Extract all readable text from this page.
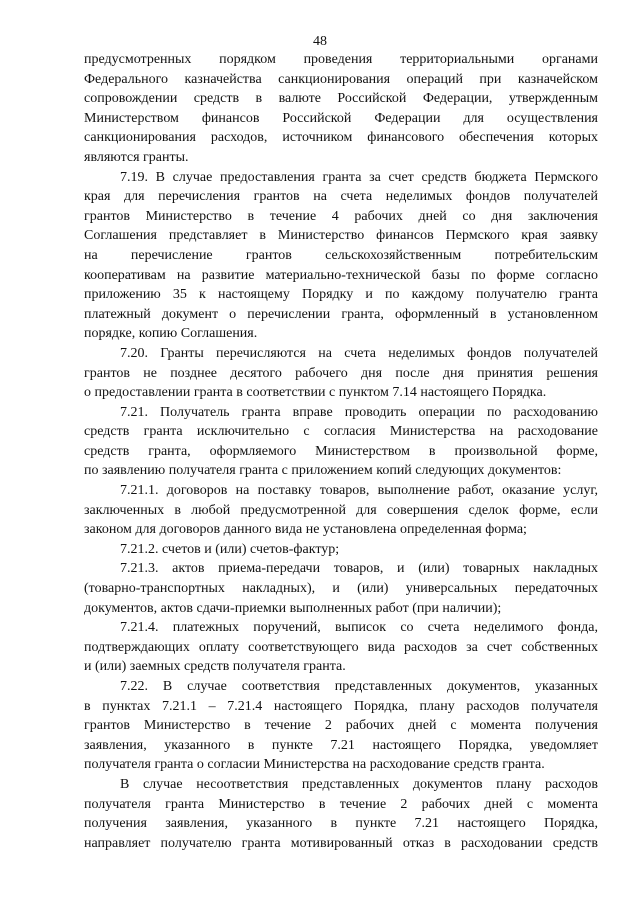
48
предусмотренных порядком проведения территориальными органами
Федерального казначейства санкционирования операций при казначейском
сопровождении средств в валюте Российской Федерации, утвержденным
Министерством финансов Российской Федерации для осуществления
санкционирования расходов, источником финансового обеспечения которых
являются гранты.
7.19. В случае предоставления гранта за счет средств бюджета Пермского
края для перечисления грантов на счета неделимых фондов получателей
грантов Министерство в течение 4 рабочих дней со дня заключения
Соглашения представляет в Министерство финансов Пермского края заявку
на перечисление грантов сельскохозяйственным потребительским
кооперативам на развитие материально-технической базы по форме согласно
приложению 35 к настоящему Порядку и по каждому получателю гранта
платежный документ о перечислении гранта, оформленный в установленном
порядке, копию Соглашения.
7.20. Гранты перечисляются на счета неделимых фондов получателей
грантов не позднее десятого рабочего дня после дня принятия решения
о предоставлении гранта в соответствии с пунктом 7.14 настоящего Порядка.
7.21. Получатель гранта вправе проводить операции по расходованию
средств гранта исключительно с согласия Министерства на расходование
средств гранта, оформляемого Министерством в произвольной форме,
по заявлению получателя гранта с приложением копий следующих документов:
7.21.1. договоров на поставку товаров, выполнение работ, оказание услуг,
заключенных в любой предусмотренной для совершения сделок форме, если
законом для договоров данного вида не установлена определенная форма;
7.21.2. счетов и (или) счетов-фактур;
7.21.3. актов приема-передачи товаров, и (или) товарных накладных
(товарно-транспортных накладных), и (или) универсальных передаточных
документов, актов сдачи-приемки выполненных работ (при наличии);
7.21.4. платежных поручений, выписок со счета неделимого фонда,
подтверждающих оплату соответствующего вида расходов за счет собственных
и (или) заемных средств получателя гранта.
7.22. В случае соответствия представленных документов, указанных
в пунктах 7.21.1 – 7.21.4 настоящего Порядка, плану расходов получателя
грантов Министерство в течение 2 рабочих дней с момента получения
заявления, указанного в пункте 7.21 настоящего Порядка, уведомляет
получателя гранта о согласии Министерства на расходование средств гранта.
В случае несоответствия представленных документов плану расходов
получателя гранта Министерство в течение 2 рабочих дней с момента
получения заявления, указанного в пункте 7.21 настоящего Порядка,
направляет получателю гранта мотивированный отказ в расходовании средств
